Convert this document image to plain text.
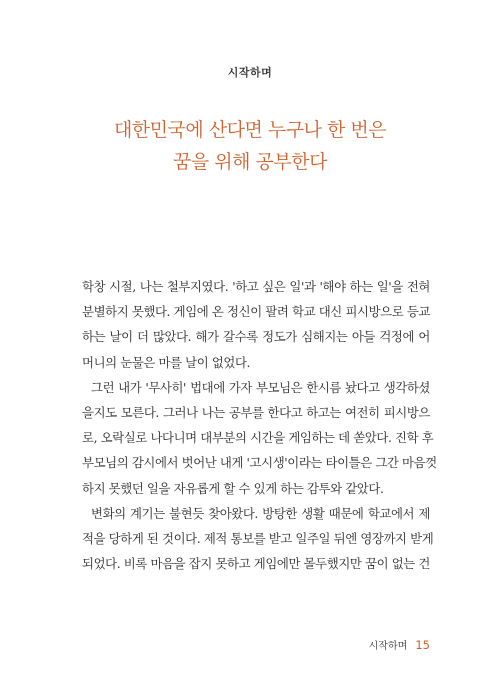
시작하며
대한민국에 산다면 누구나 한 번은
꿈을 위해 공부한다
학창 시절, 나는 철부지였다. '하고 싶은 일'과 '해야 하는 일'을 전혀
분별하지 못했다. 게임에 온 정신이 팔려 학교 대신 피시방으로 등교
하는 날이 더 많았다. 해가 갈수록 정도가 심해지는 아들 걱정에 어
머니의 눈물은 마를 날이 없었다.
그런 내가 '무사히' 법대에 가자 부모님은 한시름 놨다고 생각하셨
을지도 모른다. 그러나 나는 공부를 한다고 하고는 여전히 피시방으
로, 오락실로 나다니며 대부분의 시간을 게임하는 데 쏟았다. 진학 후
부모님의 감시에서 벗어난 내게 '고시생'이라는 타이틀은 그간 마음껏
하지 못했던 일을 자유롭게 할 수 있게 하는 감투와 같았다.
변화의 계기는 불현듯 찾아왔다. 방탕한 생활 때문에 학교에서 제
적을 당하게 된 것이다. 제적 통보를 받고 일주일 뒤엔 영장까지 받게
되었다. 비록 마음을 잡지 못하고 게임에만 몰두했지만 꿈이 없는 건
시작하며 15
